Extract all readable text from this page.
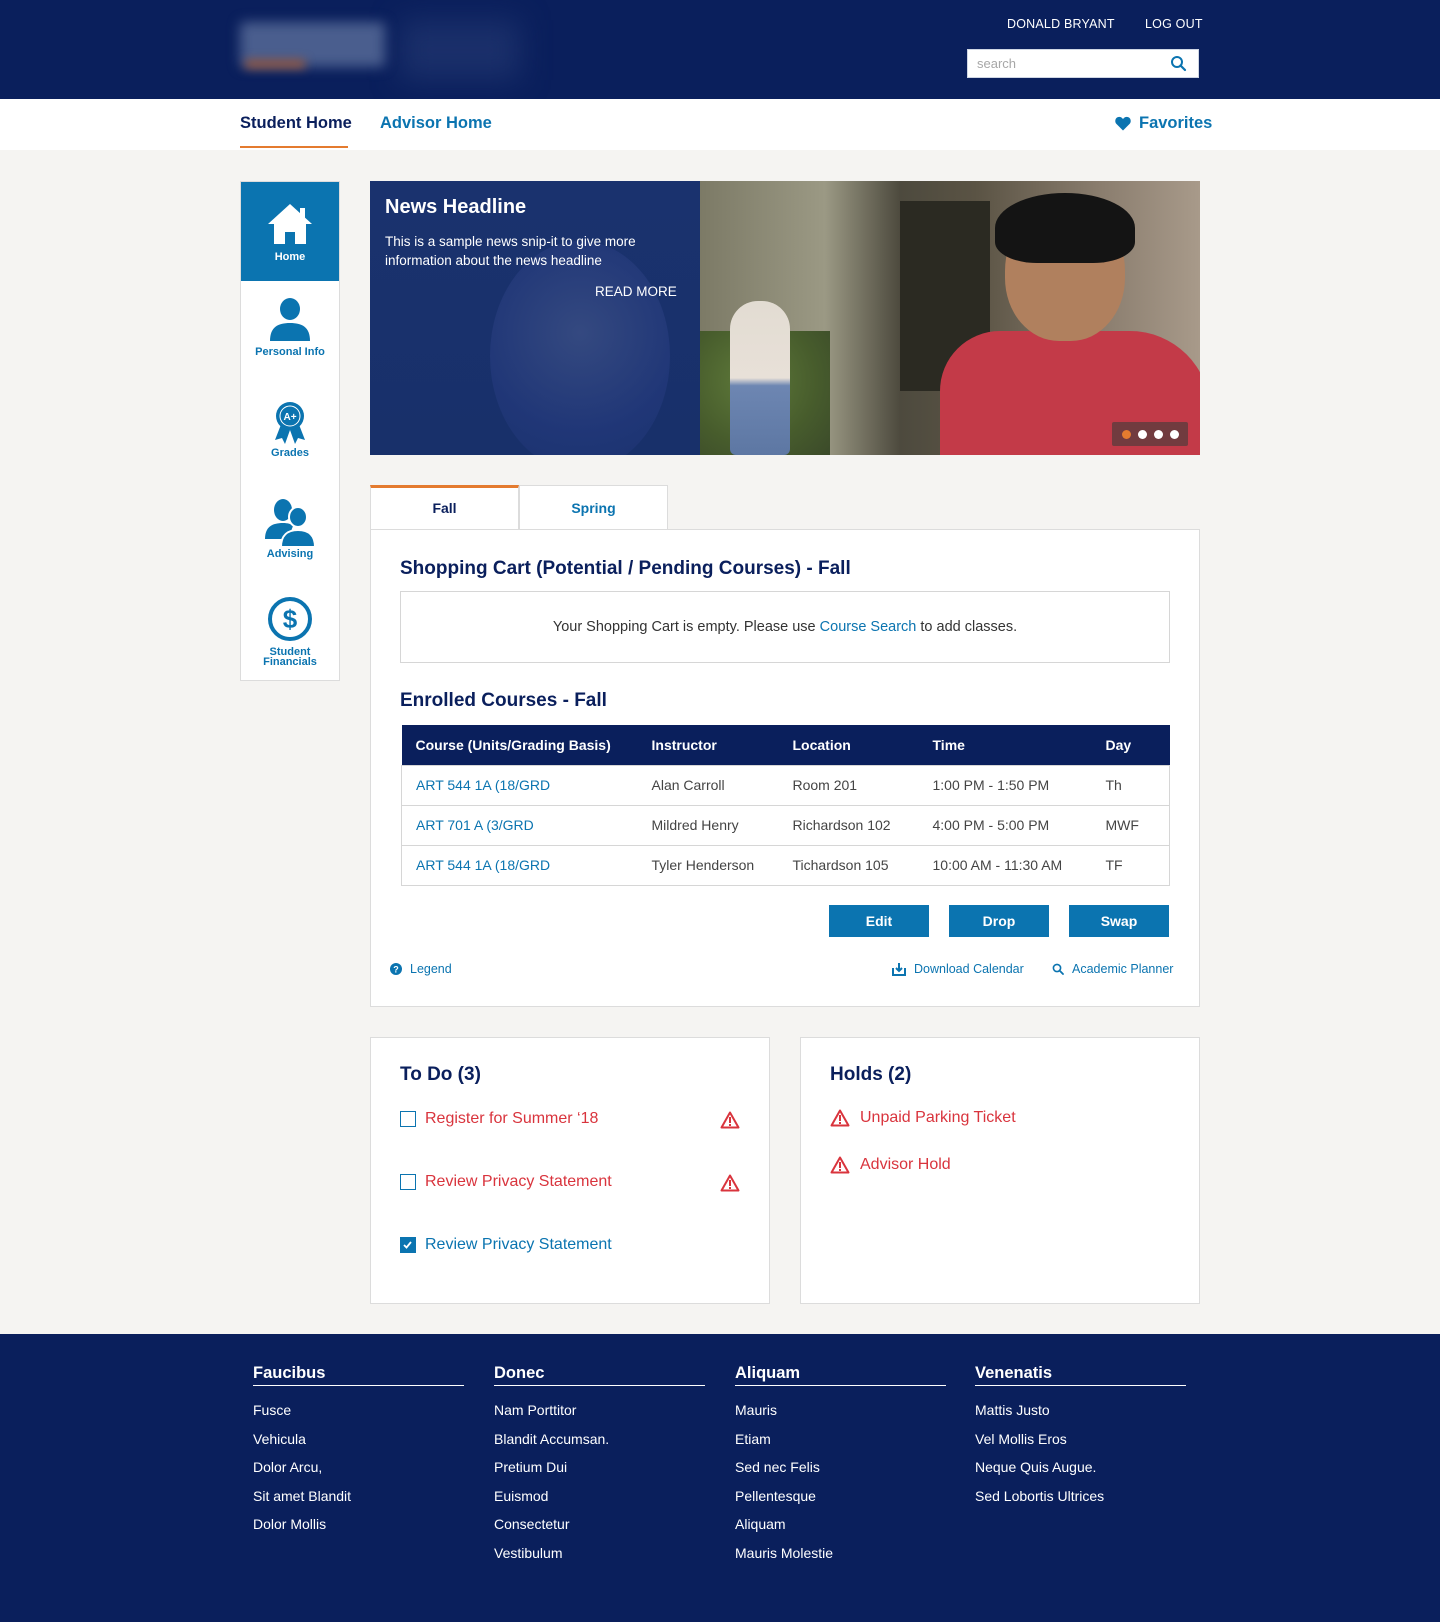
DONALD BRYANT LOG OUT
search
Student Home Advisor Home	Favorites
Home
Personal Info
A+
Grades
Advising
$
Student Financials
News Headline

This is a sample news snip-it to give more information about the news headline

READ MORE
Fall	Spring
Shopping Cart (Potential / Pending Courses) - Fall
Your Shopping Cart is empty. Please use Course Search to add classes.
Enrolled Courses - Fall
Course (Units/Grading Basis)	Instructor	Location	Time	Day
ART 544 1A (18/GRD	Alan Carroll	Room 201	1:00 PM - 1:50 PM	Th
ART 701 A (3/GRD	Mildred Henry	Richardson 102	4:00 PM - 5:00 PM	MWF
ART 544 1A (18/GRD	Tyler Henderson	Tichardson 105	10:00 AM - 11:30 AM	TF
Edit	Drop	Swap
? Legend	Download Calendar	Academic Planner
To Do (3)
Register for Summer ‘18
Review Privacy Statement
Review Privacy Statement
Holds (2)
Unpaid Parking Ticket
Advisor Hold
Faucibus
Fusce
Vehicula
Dolor Arcu,
Sit amet Blandit
Dolor Mollis
Donec
Nam Porttitor
Blandit Accumsan.
Pretium Dui
Euismod
Consectetur
Vestibulum
Aliquam
Mauris
Etiam
Sed nec Felis
Pellentesque
Aliquam
Mauris Molestie
Venenatis
Mattis Justo
Vel Mollis Eros
Neque Quis Augue.
Sed Lobortis Ultrices
